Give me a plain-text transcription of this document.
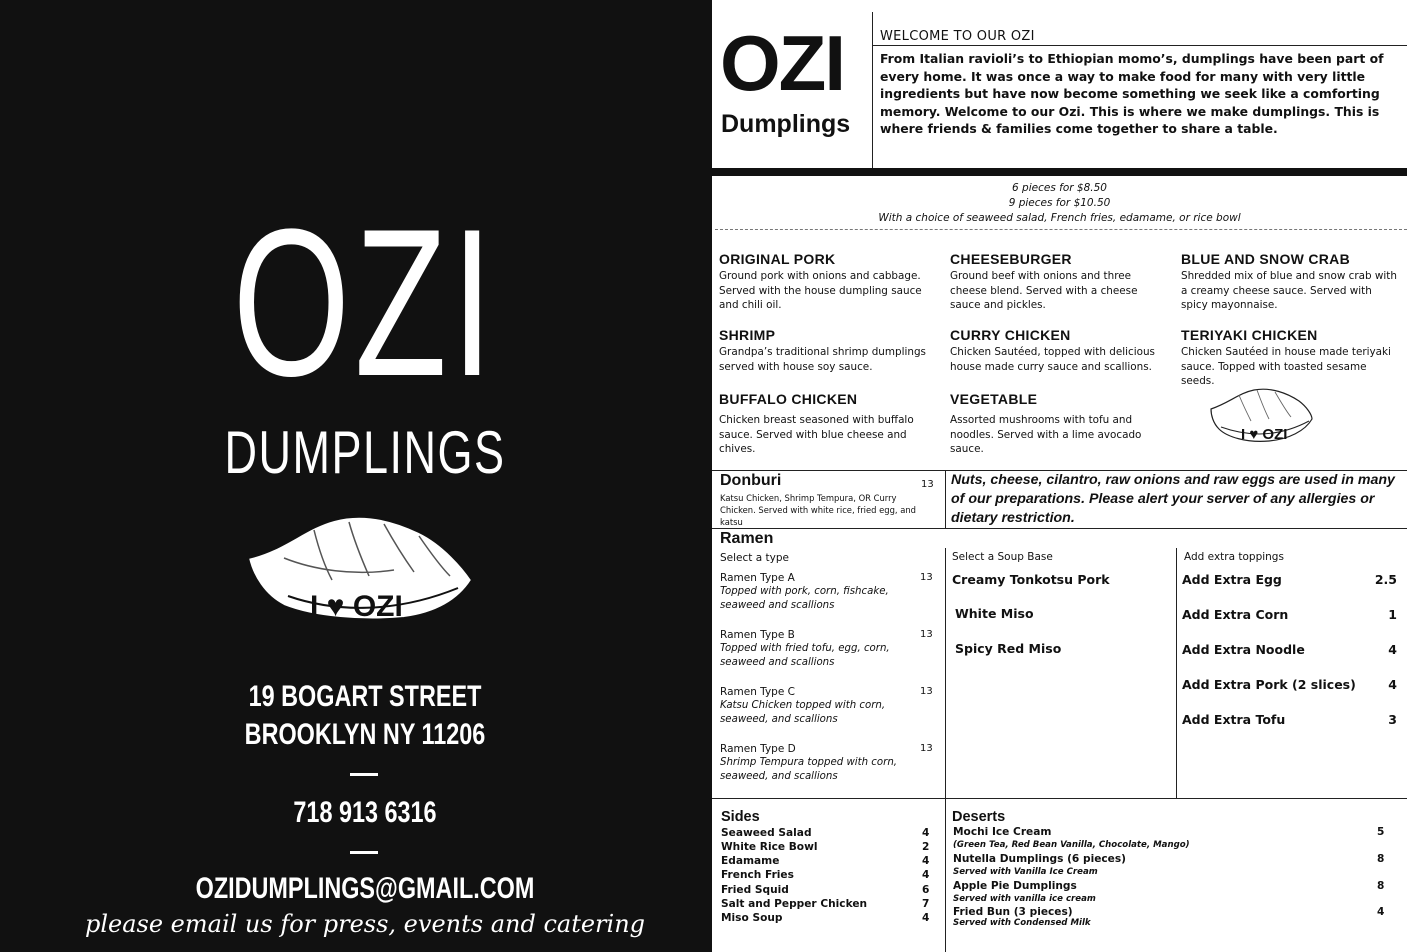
OZI
DUMPLINGS
I ♥ OZI
19 BOGART STREET
BROOKLYN NY 11206
718 913 6316
OZIDUMPLINGS@GMAIL.COM
please email us for press, events and catering
OZI
Dumplings
WELCOME TO OUR OZI
From Italian ravioli’s to Ethiopian momo’s, dumplings have been part of every home. It was once a way to make food for many with very little ingredients but have now become something we seek like a comforting memory. Welcome to our Ozi. This is where we make dumplings. This is where friends & families come together to share a table.
6 pieces for $8.50
9 pieces for $10.50
With a choice of seaweed salad, French fries, edamame, or rice bowl
ORIGINAL PORK
Ground pork with onions and cabbage. Served with the house dumpling sauce and chili oil.
CHEESEBURGER
Ground beef with onions and three cheese blend. Served with a cheese sauce and pickles.
BLUE AND SNOW CRAB
Shredded mix of blue and snow crab with a creamy cheese sauce. Served with spicy mayonnaise.
SHRIMP
Grandpa’s traditional shrimp dumplings served with house soy sauce.
CURRY CHICKEN
Chicken Sautéed, topped with delicious house made curry sauce and scallions.
TERIYAKI CHICKEN
Chicken Sautéed in house made teriyaki sauce. Topped with toasted sesame seeds.
BUFFALO CHICKEN
Chicken breast seasoned with buffalo sauce. Served with blue cheese and chives.
VEGETABLE
Assorted mushrooms with tofu and noodles. Served with a lime avocado sauce.
I ♥ OZI
Donburi	13
Katsu Chicken, Shrimp Tempura, OR Curry Chicken. Served with white rice, fried egg, and katsu
Nuts, cheese, cilantro, raw onions and raw eggs are used in many of our preparations. Please alert your server of any allergies or dietary restriction.
Ramen
Select a type	Select a Soup Base	Add extra toppings
Ramen Type A
Topped with pork, corn, fishcake, seaweed and scallions
13
Ramen Type B
Topped with fried tofu, egg, corn, seaweed and scallions
13
Ramen Type C
Katsu Chicken topped with corn, seaweed, and scallions
13
Ramen Type D
Shrimp Tempura topped with corn, seaweed, and scallions
13
Creamy Tonkotsu Pork
White Miso
Spicy Red Miso
Add Extra Egg	2.5
Add Extra Corn	1
Add Extra Noodle	4
Add Extra Pork (2 slices)	4
Add Extra Tofu	3
Sides
Seaweed Salad	4
White Rice Bowl	2
Edamame	4
French Fries	4
Fried Squid	6
Salt and Pepper Chicken	7
Miso Soup	4
Deserts
Mochi Ice Cream	5
(Green Tea, Red Bean Vanilla, Chocolate, Mango)
Nutella Dumplings (6 pieces)	8
Served with Vanilla Ice Cream
Apple Pie Dumplings	8
Served with vanilla ice cream
Fried Bun (3 pieces)	4
Served with Condensed Milk
